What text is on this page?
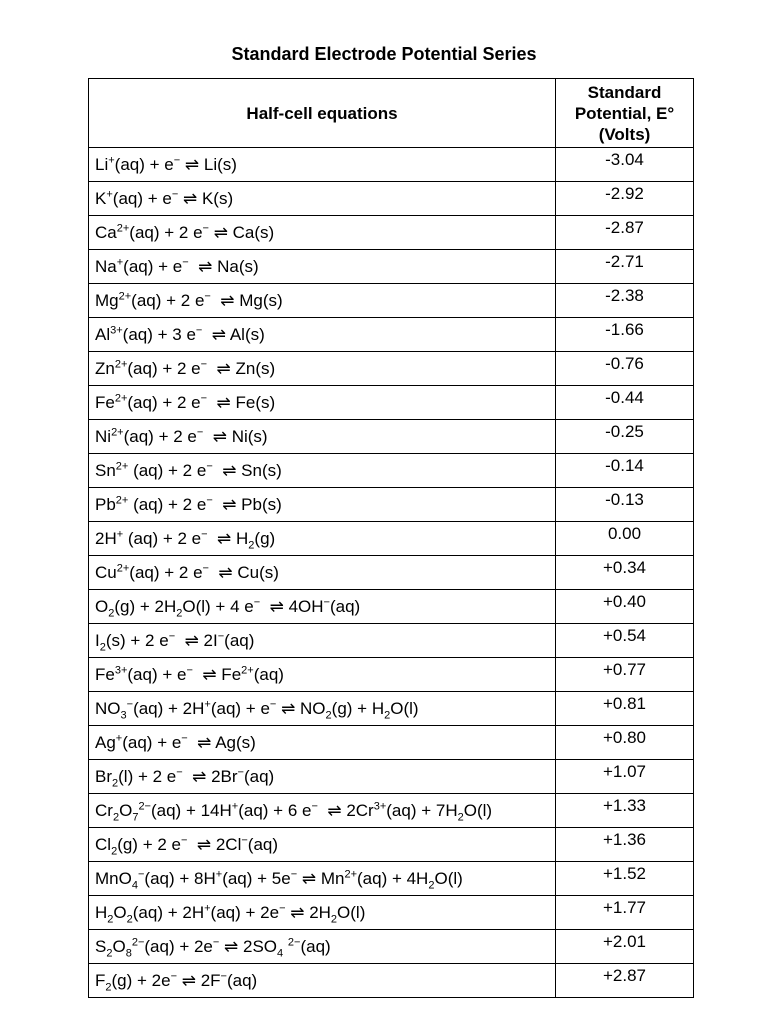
Standard Electrode Potential Series
Half-cell equations	Standard
Potential, E°
(Volts)

Li+(aq) + e− ⇌ Li(s)	-3.04
K+(aq) + e− ⇌ K(s)	-2.92
$Ca^{2+}(aq) + 2$ e− ⇌ Ca(s)	-2.87
Na+(aq) + e−  ⇌ Na(s)	-2.71
$Mg^{2+}(aq) + 2$ e−  ⇌ Mg(s)	-2.38
$Al^{3+}(aq) + 3$ e−  ⇌ Al(s)	-1.66
$Zn^{2+}(aq) + 2$ e−  ⇌ Zn(s)	-0.76
$Fe^{2+}(aq) + 2$ e−  ⇌ Fe(s)	-0.44
$Ni^{2+}(aq) + 2$ e−  ⇌ Ni(s)	-0.25
$Sn^{2+}$ (aq) + 2 e−  ⇌ Sn(s)	-0.14
$Pb^{2+}$ (aq) + 2 e−  ⇌ Pb(s)	-0.13
2H+ (aq) + 2 e−  ⇌ $H_2(g)$	0.00
$Cu^{2+}(aq) + 2$ e−  ⇌ Cu(s)	+0.34
$O_2(g) + 2H_2O(l) + 4$ e−  ⇌ 4OH−(aq)	+0.40
$I_2(s) + 2$ e−  ⇌ 2I−(aq)	+0.54
$Fe^{3+}(aq) + e^-$  ⇌ $Fe^{2+}(aq)$	+0.77
$NO_3^-(aq) + 2H^+(aq) + e^-$ ⇌ $NO_2(g) + H_2O(l)$	+0.81
Ag+(aq) + e−  ⇌ Ag(s)	+0.80
$Br_2(l) + 2$ e−  ⇌ 2Br−(aq)	+1.07
$Cr_2O_7^{2-}(aq) + 14H^+(aq) + 6$ e−  ⇌ $2Cr^{3+}(aq) + 7H_2O(l)$	+1.33
$Cl_2(g) + 2$ e−  ⇌ 2Cl−(aq)	+1.36
MnO$_4$−(aq) + 8H+(aq) + 5e− ⇌ $Mn^{2+}(aq) + 4H_2O(l)$	+1.52
$H_2O_2(aq) + 2H^+(aq) + 2e^-$ ⇌ $2H_2O(l)$	+1.77
$S_2O_8^{2-}(aq) + 2e^-$ ⇌ $2SO_4$ $^{2-}$(aq)	+2.01
$F_2(g) + 2e^-$ ⇌ 2F−(aq)	+2.87
